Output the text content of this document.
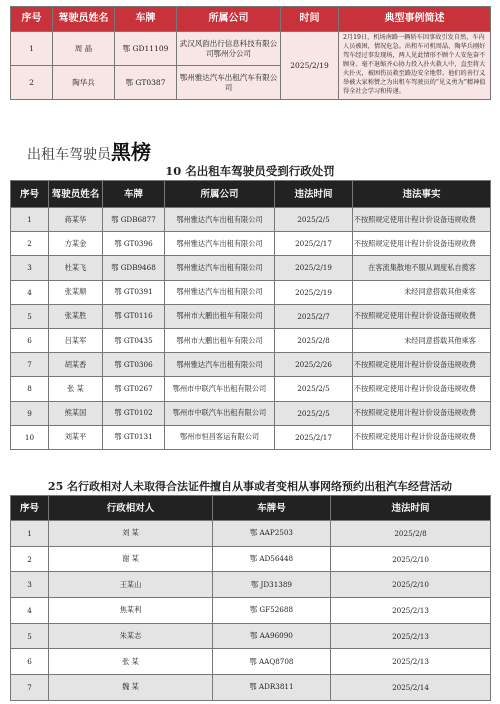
序号	驾驶员姓名	车牌	所属公司	时间	典型事例简述
1	周 晶	鄂 GD11109	武汉风韵出行信息科技有限公司鄂州分公司	2025/2/19	2月19日，机场南路一辆轿车因事故引发自然，车内人员被困，情况危急。出租车司机周晶、陶华兵刚好驾车经过事发现场，两人见此情形不顾个人安危奋不顾身、毫不退缩齐心协力投入扑火救人中，直至将大火扑灭，被困伤员救至路边安全地带。他们的善行义举被大家称赞之为出租车驾驶员的“见义勇为”精神值得全社会学习和传递。
2	陶华兵	鄂 GT0387	鄂州雅达汽车出租汽车有限公司		
出租车驾驶员黑榜
10 名出租车驾驶员受到行政处罚
序号	驾驶员姓名	车牌	所属公司	违法时间	违法事实
1	蒋某华	鄂 GDB6877	鄂州雅达汽车出租有限公司	2025/2/5	不按照规定使用计程计价设备违规收费
2	方某金	鄂 GT0396	鄂州雅达汽车出租有限公司	2025/2/17	不按照规定使用计程计价设备违规收费
3	杜某飞	鄂 GDB9468	鄂州雅达汽车出租有限公司	2025/2/19	在客流集散地不服从调度私自揽客
4	张某顺	鄂 GT0391	鄂州雅达汽车出租有限公司	2025/2/19	未经同意搭载其他乘客
5	张某胜	鄂 GT0116	鄂州市大鹏出租车有限公司	2025/2/7	不按照规定使用计程计价设备违规收费
6	吕某军	鄂 GT0435	鄂州市大鹏出租车有限公司	2025/2/8	未经同意搭载其他乘客
7	胡某香	鄂 GT0306	鄂州雅达汽车出租有限公司	2025/2/26	不按照规定使用计程计价设备违规收费
8	张 某	鄂 GT0267	鄂州市中联汽车出租有限公司	2025/2/5	不按照规定使用计程计价设备违规收费
9	熊某国	鄂 GT0102	鄂州市中联汽车出租有限公司	2025/2/5	不按照规定使用计程计价设备违规收费
10	刘某平	鄂 GT0131	鄂州市恒昌客运有限公司	2025/2/17	不按照规定使用计程计价设备违规收费
25 名行政相对人未取得合法证件擅自从事或者变相从事网络预约出租汽车经营活动
序号	行政相对人	车牌号	违法时间
1	刘 某	鄂 AAP2503	2025/2/8
2	谢 某	鄂 AD56448	2025/2/10
3	王某山	鄂 JD31389	2025/2/10
4	焦某利	鄂 GF52688	2025/2/13
5	朱某志	鄂 AA96090	2025/2/13
6	张 某	鄂 AAQ8708	2025/2/13
7	魏 某	鄂 ADR3811	2025/2/14
